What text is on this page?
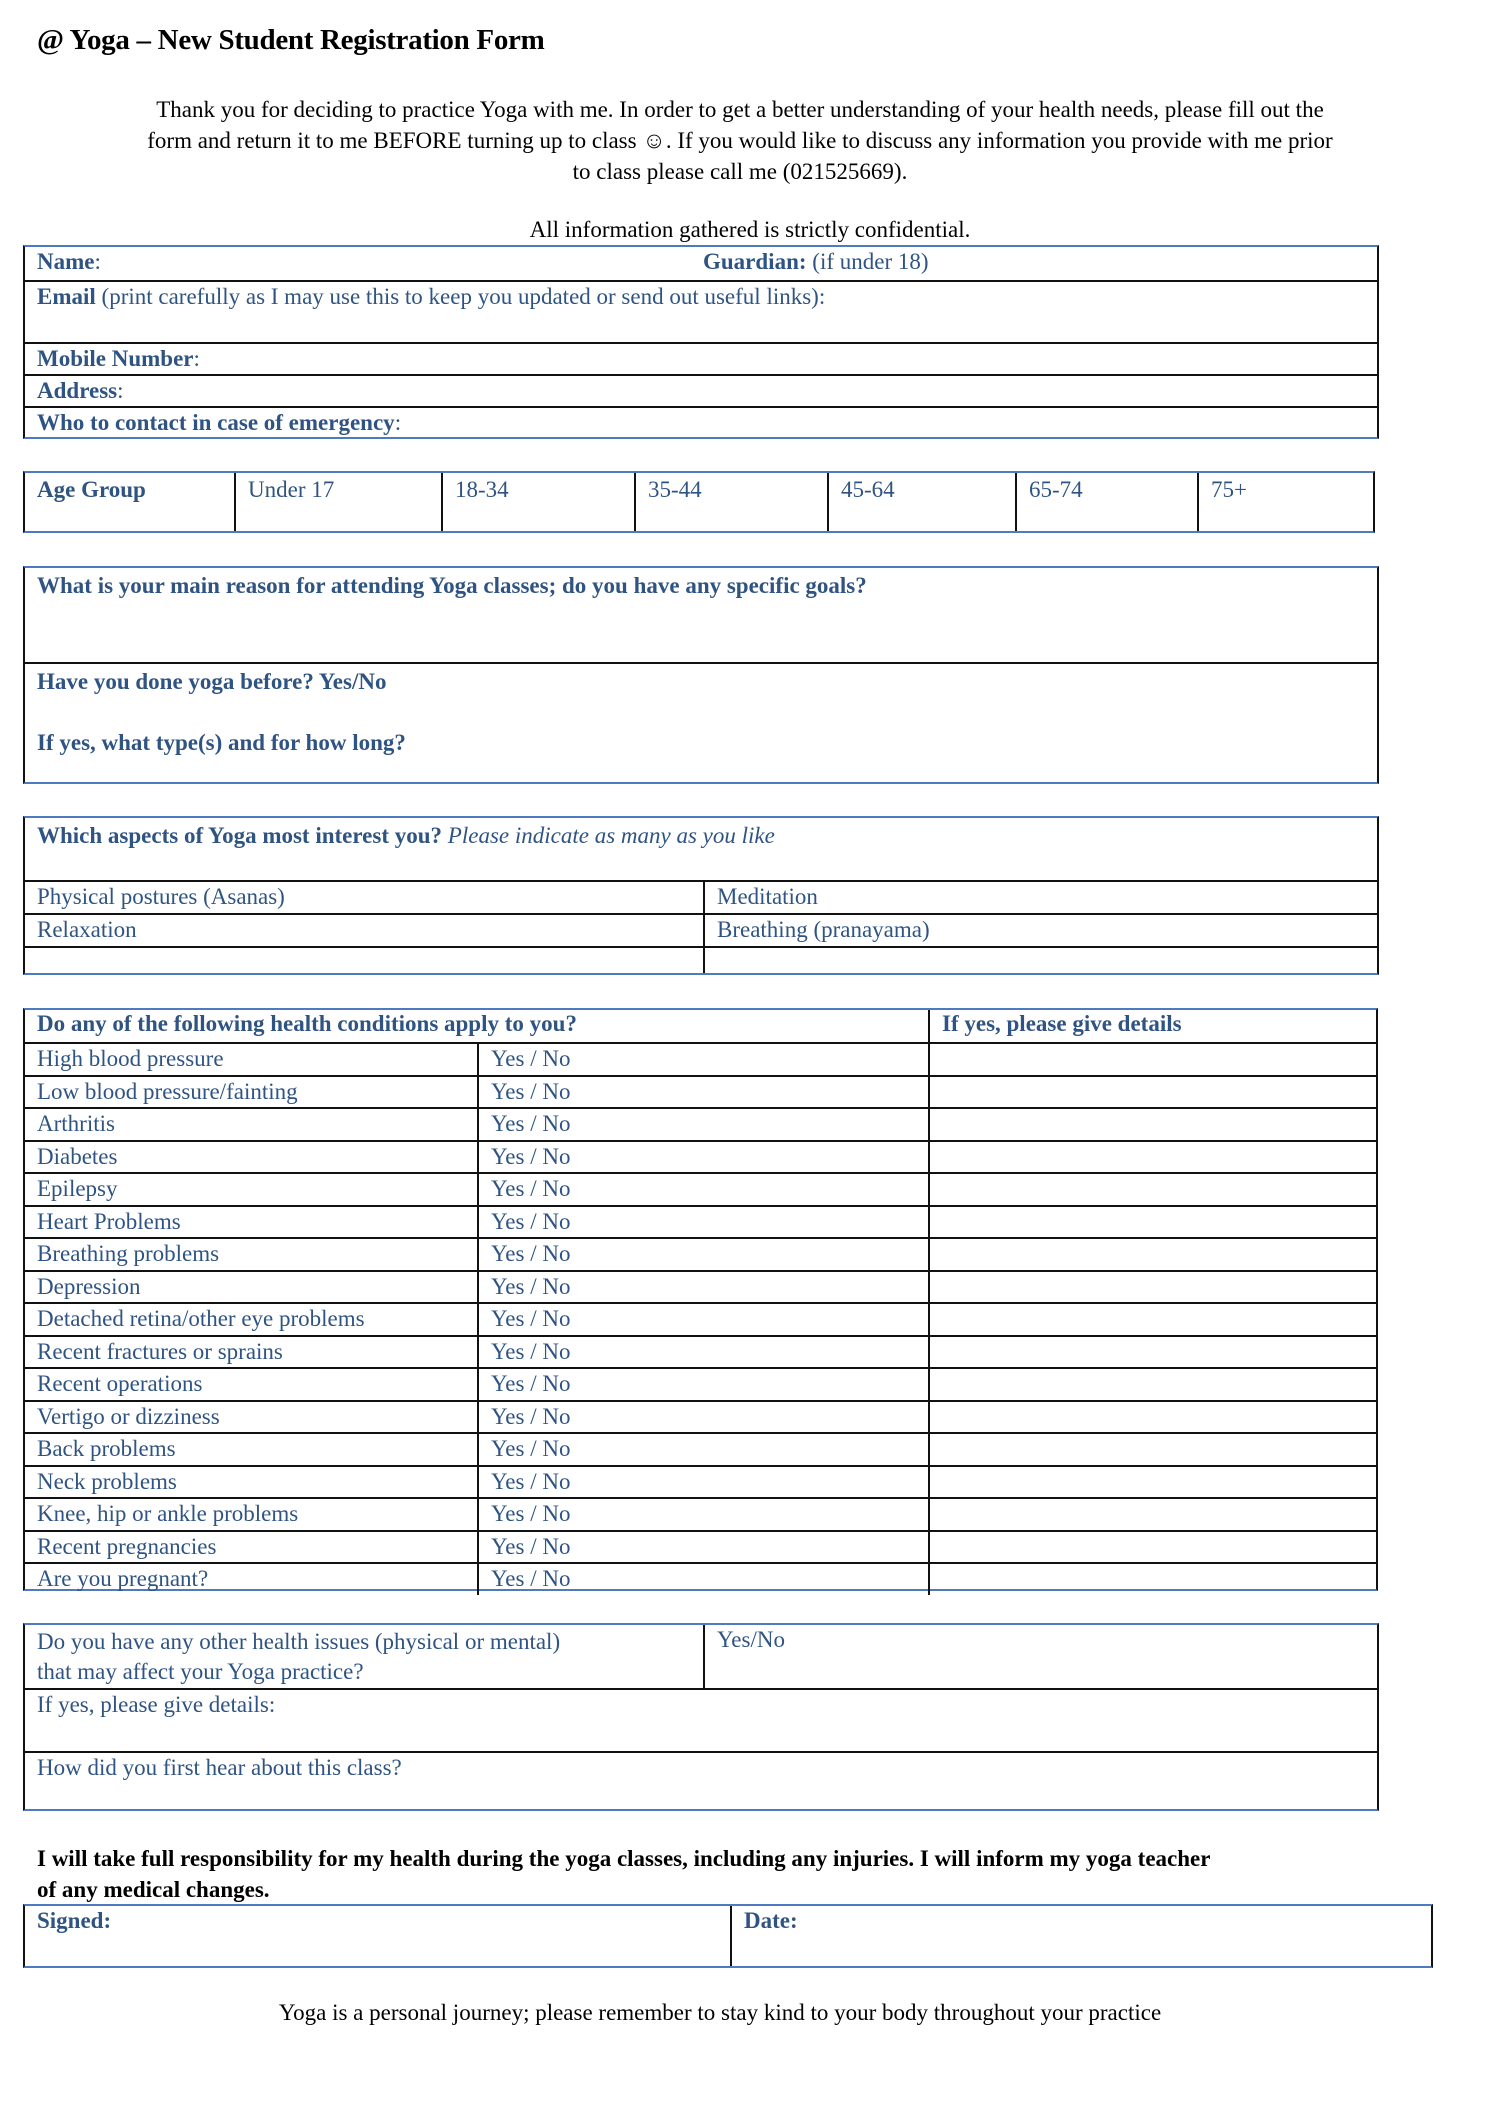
@ Yoga – New Student Registration Form
Thank you for deciding to practice Yoga with me. In order to get a better understanding of your health needs, please fill out the
form and return it to me BEFORE turning up to class ☺. If you would like to discuss any information you provide with me prior
to class please call me (021525669).
All information gathered is strictly confidential.
Name:	Guardian: (if under 18)
Email (print carefully as I may use this to keep you updated or send out useful links):
Mobile Number:
Address:
Who to contact in case of emergency:
Age Group	Under 17	18-34	35-44	45-64	65-74	75+
What is your main reason for attending Yoga classes; do you have any specific goals?
Have you done yoga before? Yes/No
If yes, what type(s) and for how long?
Which aspects of Yoga most interest you? Please indicate as many as you like
Physical postures (Asanas)	Meditation
Relaxation	Breathing (pranayama)
Do any of the following health conditions apply to you?	If yes, please give details
High blood pressure	Yes / No
Low blood pressure/fainting	Yes / No
Arthritis	Yes / No
Diabetes	Yes / No
Epilepsy	Yes / No
Heart Problems	Yes / No
Breathing problems	Yes / No
Depression	Yes / No
Detached retina/other eye problems	Yes / No
Recent fractures or sprains	Yes / No
Recent operations	Yes / No
Vertigo or dizziness	Yes / No
Back problems	Yes / No
Neck problems	Yes / No
Knee, hip or ankle problems	Yes / No
Recent pregnancies	Yes / No
Are you pregnant?	Yes / No
Do you have any other health issues (physical or mental)
that may affect your Yoga practice?
Yes/No
If yes, please give details:
How did you first hear about this class?
I will take full responsibility for my health during the yoga classes, including any injuries. I will inform my yoga teacher
of any medical changes.
Signed:	Date:
Yoga is a personal journey; please remember to stay kind to your body throughout your practice
